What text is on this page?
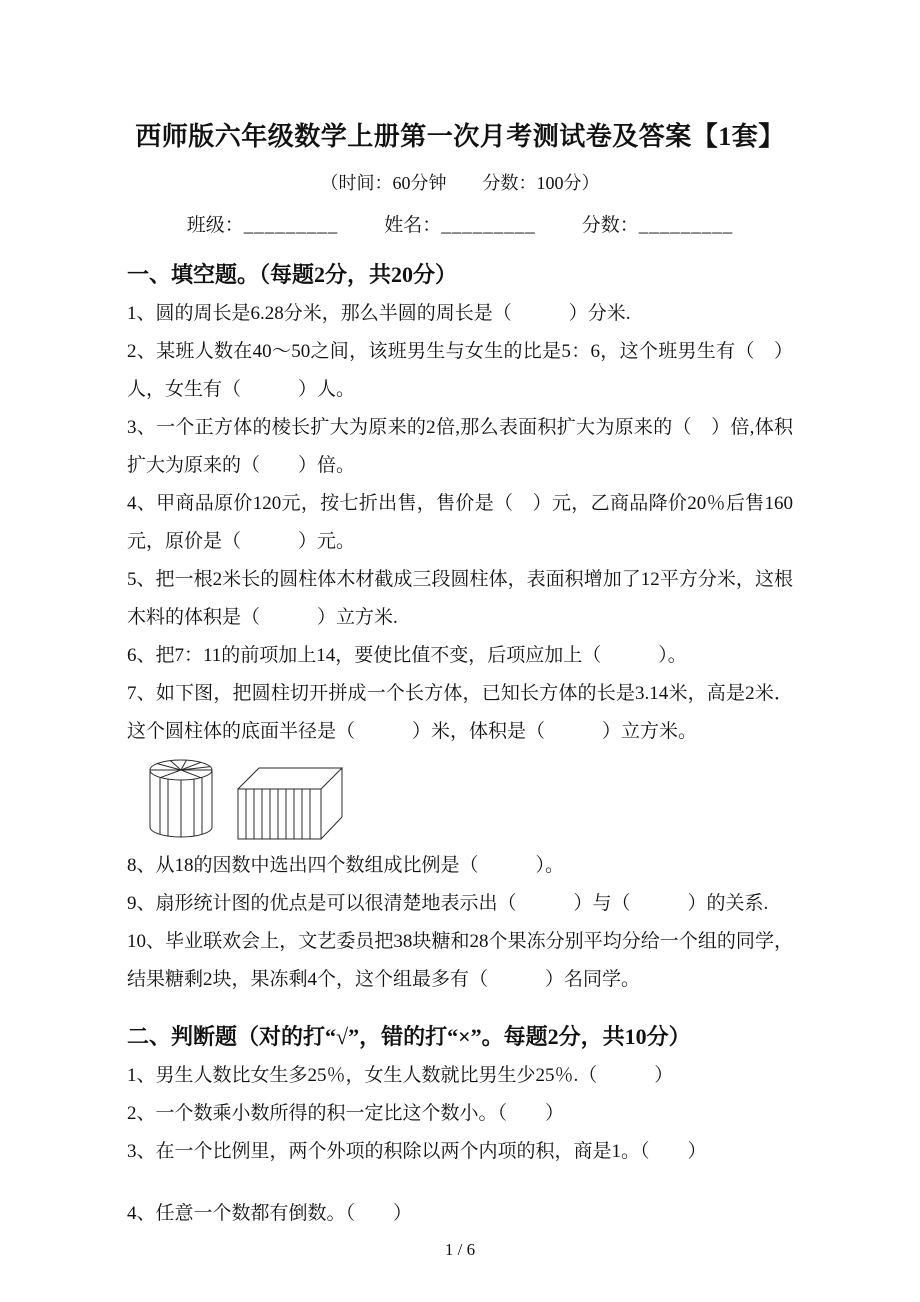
西师版六年级数学上册第一次月考测试卷及答案【1套】
（时间：60分钟　　分数：100分）
班级：_________ 姓名：_________ 分数：_________
一、填空题。（每题2分，共20分）
1、圆的周长是6.28分米，那么半圆的周长是（　　　）分米.
2、某班人数在40～50之间，该班男生与女生的比是5：6，这个班男生有（　）人，女生有（　　　）人。
3、一个正方体的棱长扩大为原来的2倍,那么表面积扩大为原来的（　）倍,体积扩大为原来的（　　）倍。
4、甲商品原价120元，按七折出售，售价是（　）元，乙商品降价20％后售160元，原价是（　　　）元。
5、把一根2米长的圆柱体木材截成三段圆柱体，表面积增加了12平方分米，这根木料的体积是（　　　）立方米.
6、把7：11的前项加上14，要使比值不变，后项应加上（　　　）。
7、如下图，把圆柱切开拼成一个长方体，已知长方体的长是3.14米，高是2米．这个圆柱体的底面半径是（　　　）米，体积是（　　　）立方米。
8、从18的因数中选出四个数组成比例是（　　　）。
9、扇形统计图的优点是可以很清楚地表示出（　　　）与（　　　）的关系.
10、毕业联欢会上，文艺委员把38块糖和28个果冻分别平均分给一个组的同学，结果糖剩2块，果冻剩4个，这个组最多有（　　　）名同学。
二、判断题（对的打“√”，错的打“×”。每题2分，共10分）
1、男生人数比女生多25％，女生人数就比男生少25％.（　　　）
2、一个数乘小数所得的积一定比这个数小。（　　）
3、在一个比例里，两个外项的积除以两个内项的积，商是1。（　　）
4、任意一个数都有倒数。（　　）
1 / 6
